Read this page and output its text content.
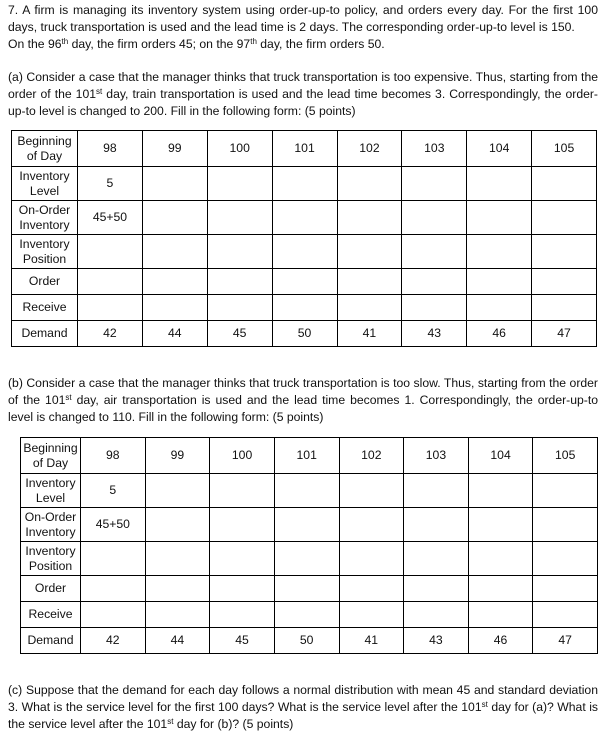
7. A firm is managing its inventory system using order-up-to policy, and orders every day. For the first 100 days, truck transportation is used and the lead time is 2 days. The corresponding order-up-to level is 150.
On the 96th day, the firm orders 45; on the 97th day, the firm orders 50.
(a) Consider a case that the manager thinks that truck transportation is too expensive. Thus, starting from the order of the 101st day, train transportation is used and the lead time becomes 3. Correspondingly, the order-up-to level is changed to 200. Fill in the following form: (5 points)
Beginning
of Day	98	99	100	101	102	103	104	105
Inventory
Level	5							
On-Order
Inventory	45+50							
Inventory
Position								
Order								
Receive								
Demand	42	44	45	50	41	43	46	47
(b) Consider a case that the manager thinks that truck transportation is too slow. Thus, starting from the order of the 101st day, air transportation is used and the lead time becomes 1. Correspondingly, the order-up-to level is changed to 110. Fill in the following form: (5 points)
Beginning
of Day	98	99	100	101	102	103	104	105
Inventory
Level	5							
On-Order
Inventory	45+50							
Inventory
Position								
Order								
Receive								
Demand	42	44	45	50	41	43	46	47
(c) Suppose that the demand for each day follows a normal distribution with mean 45 and standard deviation 3. What is the service level for the first 100 days? What is the service level after the 101st day for (a)? What is the service level after the 101st day for (b)? (5 points)
